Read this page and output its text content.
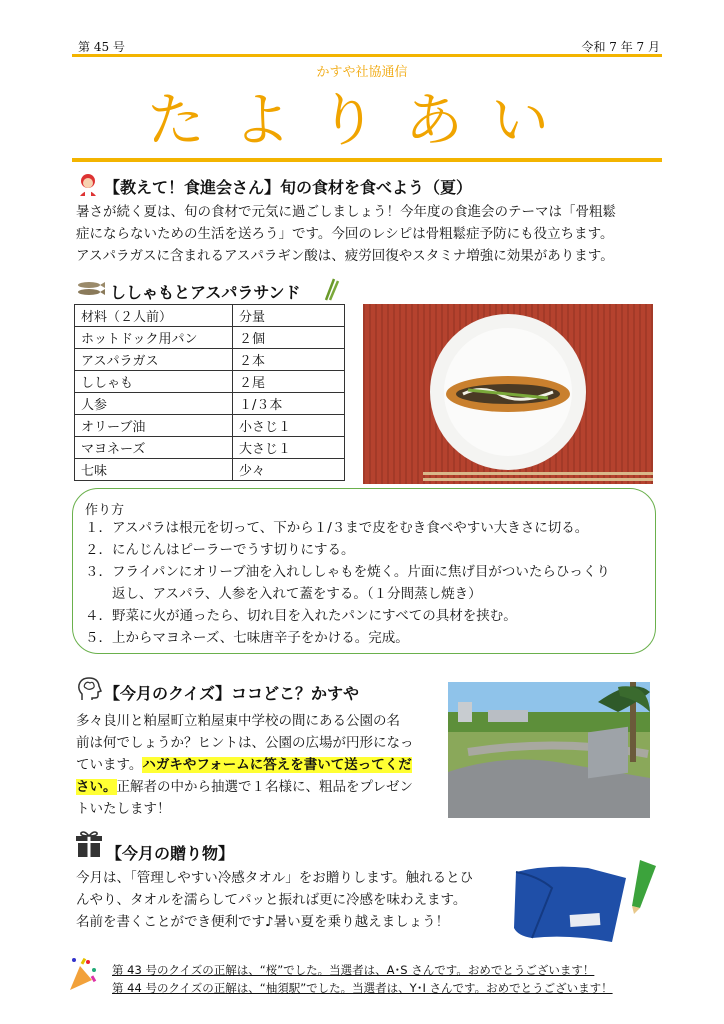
第 45 号	令和 7 年 7 月
かすや社協通信
たよりあい
【教えて！食進会さん】旬の食材を食べよう（夏）
暑さが続く夏は、旬の食材で元気に過ごしましょう！今年度の食進会のテーマは「骨粗鬆
症にならないための生活を送ろう」です。今回のレシピは骨粗鬆症予防にも役立ちます。
アスパラガスに含まれるアスパラギン酸は、疲労回復やスタミナ増強に効果があります。
ししゃもとアスパラサンド
材料（２人前）	分量
ホットドック用パン	２個
アスパラガス	２本
ししゃも	２尾
人参	１/３本
オリーブ油	小さじ１
マヨネーズ	大さじ１
七味	少々
作り方
１．アスパラは根元を切って、下から１/３まで皮をむき食べやすい大きさに切る。
２．にんじんはピーラーでうす切りにする。
３．フライパンにオリーブ油を入れししゃもを焼く。片面に焦げ目がついたらひっくり
　　返し、アスパラ、人参を入れて蓋をする。（１分間蒸し焼き）
４．野菜に火が通ったら、切れ目を入れたパンにすべての具材を挟む。
５．上からマヨネーズ、七味唐辛子をかける。完成。
【今月のクイズ】ココどこ？かすや
多々良川と粕屋町立粕屋東中学校の間にある公園の名
前は何でしょうか？ヒントは、公園の広場が円形になっ
ています。ハガキやフォームに答えを書いて送ってくだ
さい。正解者の中から抽選で１名様に、粗品をプレゼン
トいたします！
【今月の贈り物】
今月は、「管理しやすい冷感タオル」をお贈りします。触れるとひ
んやり、タオルを濡らしてパッと振れば更に冷感を味わえます。
名前を書くことができ便利です♪暑い夏を乗り越えましょう！
第 43 号のクイズの正解は、“桜”でした。当選者は、A･S さんです。おめでとうございます！
第 44 号のクイズの正解は、“柚須駅”でした。当選者は、Y･I さんです。おめでとうございます！
